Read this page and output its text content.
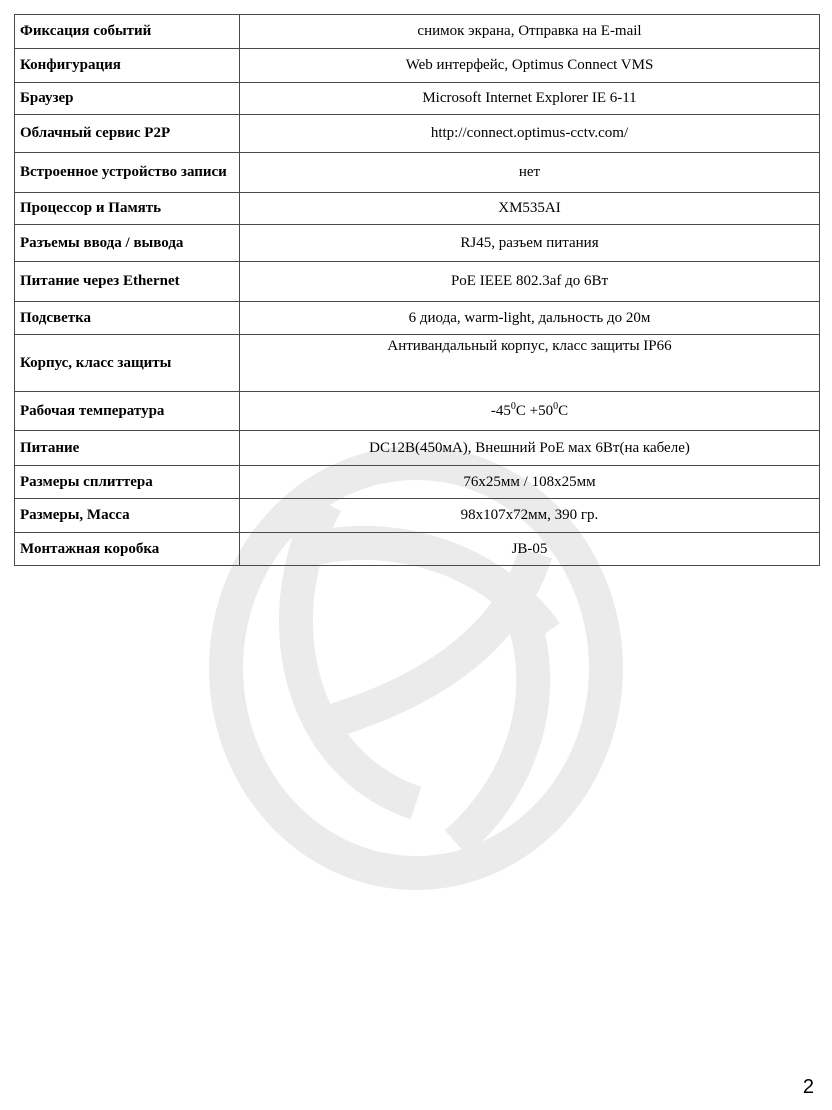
Фиксация событий	снимок экрана, Отправка на E-mail
Конфигурация	Web интерфейс, Optimus Connect VMS
Браузер	Microsoft Internet Explorer IE 6-11
Облачный сервис P2P	http://connect.optimus-cctv.com/
Встроенное устройство записи	нет
Процессор и Память	XM535AI
Разъемы ввода / вывода	RJ45, разъем питания
Питание через Ethernet	PoE IEEE 802.3af до 6Вт
Подсветка	6 диода, warm-light, дальность до 20м
Корпус, класс защиты	Антивандальный корпус, класс защиты IP66
Рабочая температура	$-45^0C +50^0C$
Питание	DC12В(450мА), Внешний PoE мах 6Вт(на кабеле)
Размеры сплиттера	76x25мм / 108x25мм
Размеры, Масса	98x107x72мм, 390 гр.
Монтажная коробка	JB-05
2
